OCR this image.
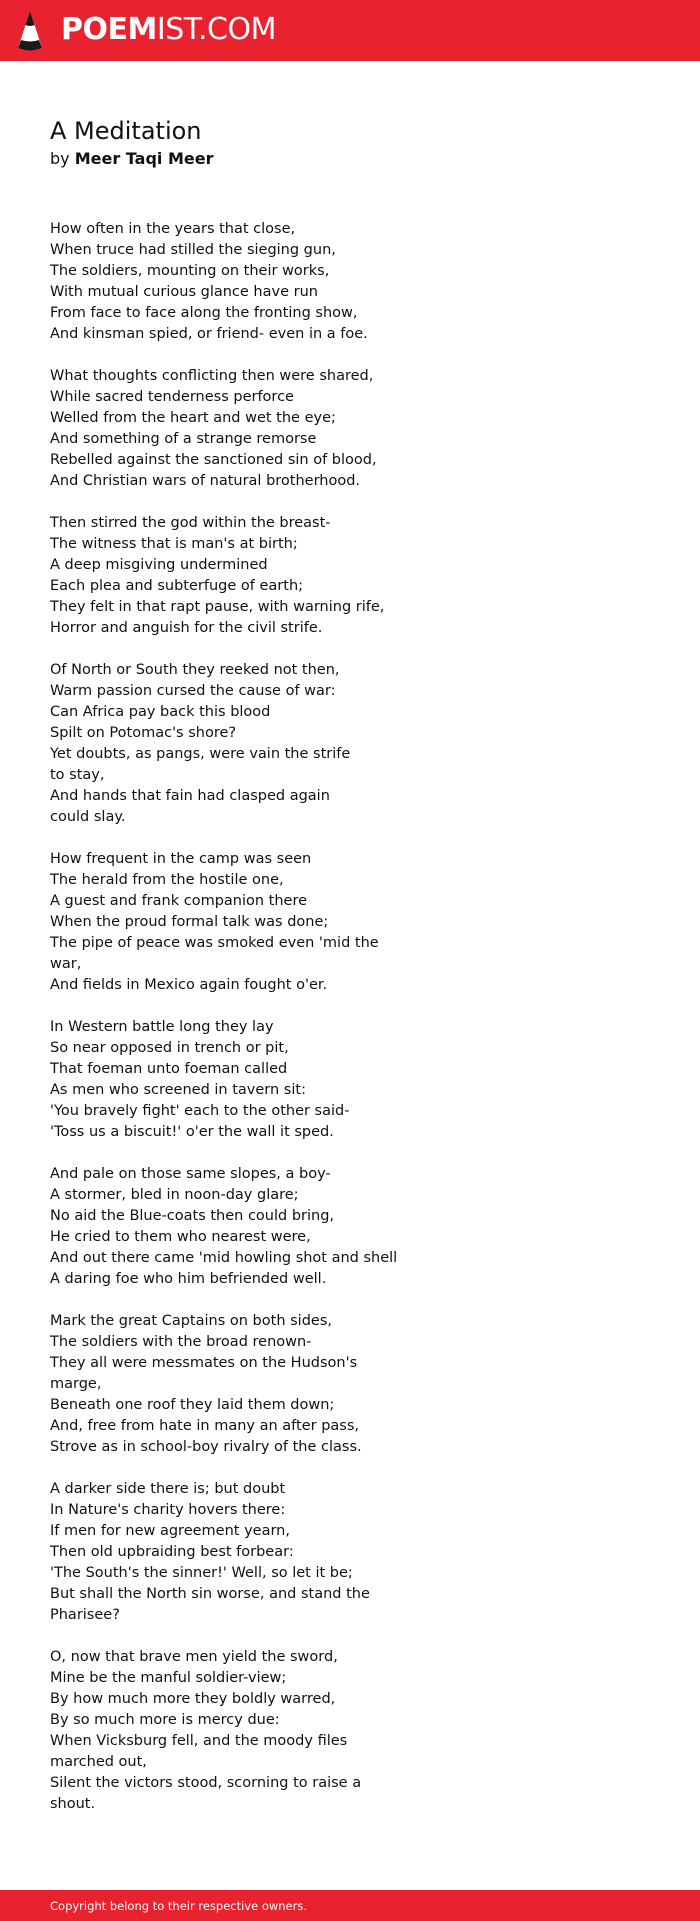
POEMIST.COM
A Meditation
by Meer Taqi Meer
How often in the years that close,
When truce had stilled the sieging gun,
The soldiers, mounting on their works,
With mutual curious glance have run
From face to face along the fronting show,
And kinsman spied, or friend- even in a foe.
What thoughts conflicting then were shared,
While sacred tenderness perforce
Welled from the heart and wet the eye;
And something of a strange remorse
Rebelled against the sanctioned sin of blood,
And Christian wars of natural brotherhood.
Then stirred the god within the breast-
The witness that is man's at birth;
A deep misgiving undermined
Each plea and subterfuge of earth;
They felt in that rapt pause, with warning rife,
Horror and anguish for the civil strife.
Of North or South they reeked not then,
Warm passion cursed the cause of war:
Can Africa pay back this blood
Spilt on Potomac's shore?
Yet doubts, as pangs, were vain the strife
to stay,
And hands that fain had clasped again
could slay.
How frequent in the camp was seen
The herald from the hostile one,
A guest and frank companion there
When the proud formal talk was done;
The pipe of peace was smoked even 'mid the
war,
And fields in Mexico again fought o'er.
In Western battle long they lay
So near opposed in trench or pit,
That foeman unto foeman called
As men who screened in tavern sit:
'You bravely fight' each to the other said-
'Toss us a biscuit!' o'er the wall it sped.
And pale on those same slopes, a boy-
A stormer, bled in noon-day glare;
No aid the Blue-coats then could bring,
He cried to them who nearest were,
And out there came 'mid howling shot and shell
A daring foe who him befriended well.
Mark the great Captains on both sides,
The soldiers with the broad renown-
They all were messmates on the Hudson's
marge,
Beneath one roof they laid them down;
And, free from hate in many an after pass,
Strove as in school-boy rivalry of the class.
A darker side there is; but doubt
In Nature's charity hovers there:
If men for new agreement yearn,
Then old upbraiding best forbear:
'The South's the sinner!' Well, so let it be;
But shall the North sin worse, and stand the
Pharisee?
O, now that brave men yield the sword,
Mine be the manful soldier-view;
By how much more they boldly warred,
By so much more is mercy due:
When Vicksburg fell, and the moody files
marched out,
Silent the victors stood, scorning to raise a
shout.
Copyright belong to their respective owners.
